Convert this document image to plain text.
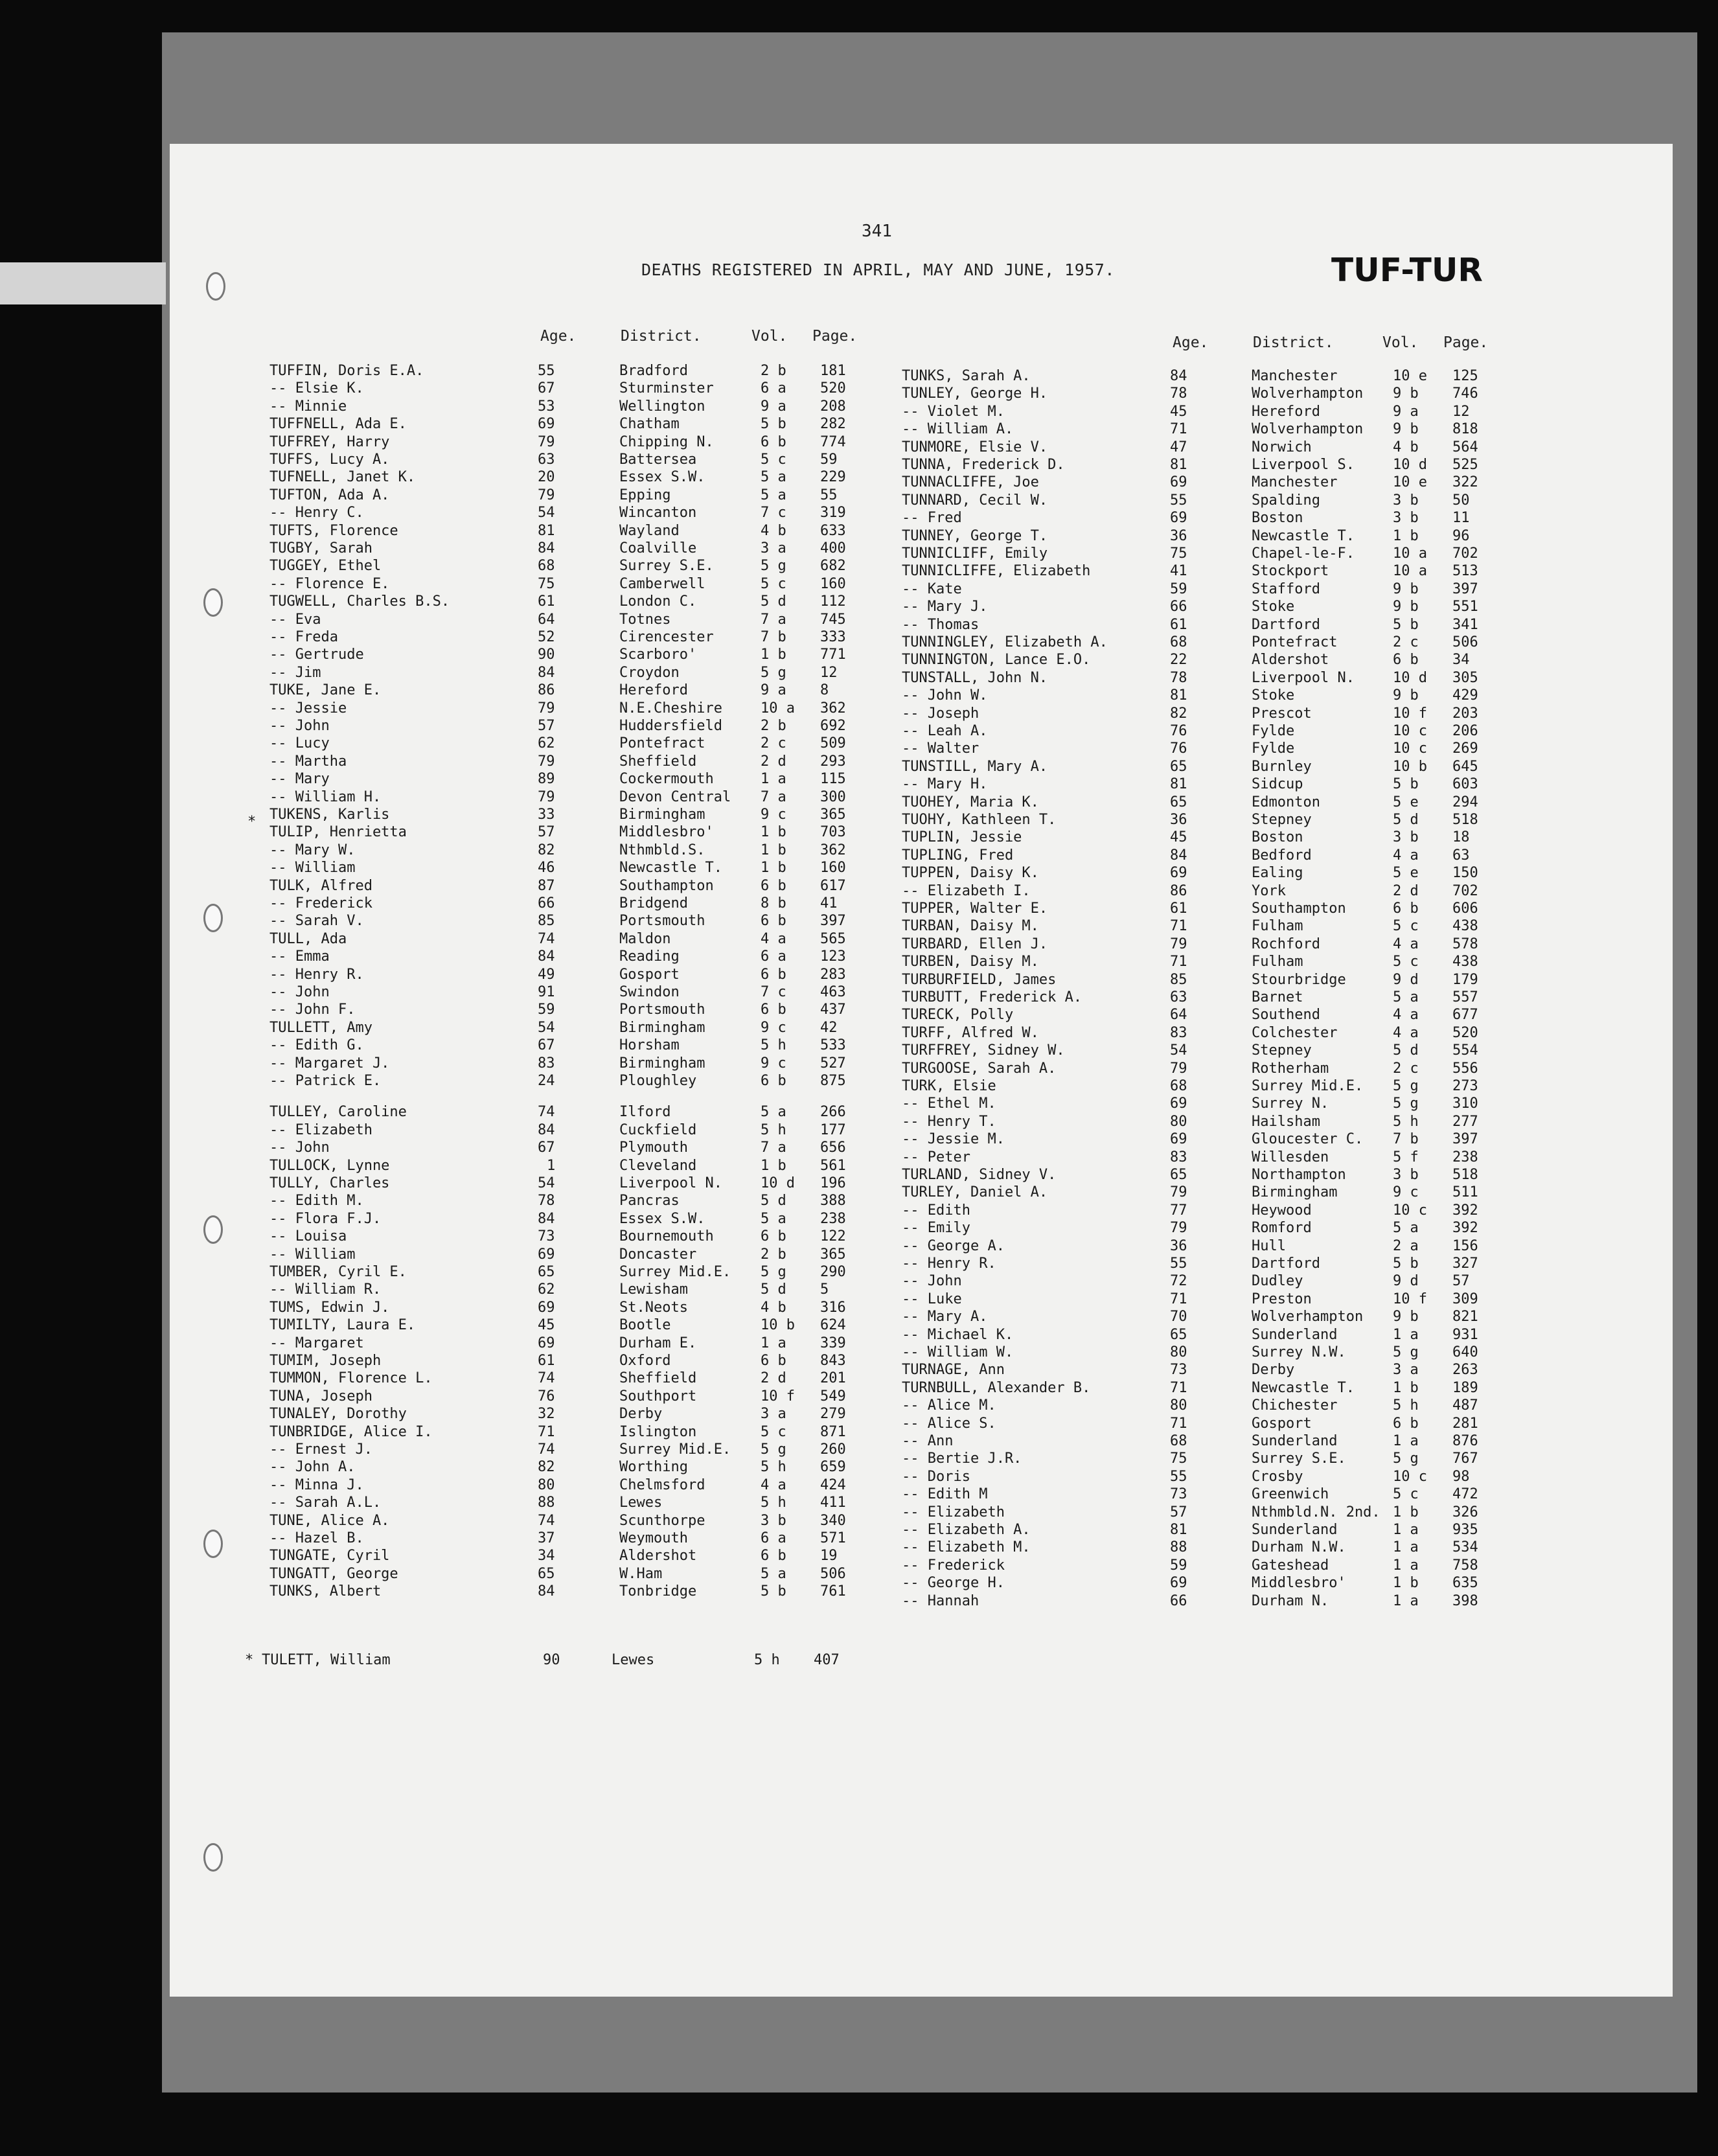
341
DEATHS REGISTERED IN APRIL, MAY AND JUNE, 1957.	TUF-TUR
Age.	District.	Vol. Page.	Age.	District.	Vol. Page.
TUFFIN, Doris E.A.	55	Bradford	2 b 181
-- Elsie K.	67	Sturminster	6 a 520
-- Minnie	53	Wellington	9 a 208
TUFFNELL, Ada E.	69	Chatham	5 b 282
TUFFREY, Harry	79	Chipping N.	6 b 774
TUFFS, Lucy A.	63	Battersea	5 c 59
TUFNELL, Janet K.	20	Essex S.W.	5 a 229
TUFTON, Ada A.	79	Epping	5 a 55
-- Henry C.	54	Wincanton	7 c 319
TUFTS, Florence	81	Wayland	4 b 633
TUGBY, Sarah	84	Coalville	3 a 400
TUGGEY, Ethel	68	Surrey S.E.	5 g 682
-- Florence E.	75	Camberwell	5 c 160
TUGWELL, Charles B.S.	61	London C.	5 d 112
-- Eva	64	Totnes	7 a 745
-- Freda	52	Cirencester	7 b 333
-- Gertrude	90	Scarboro'	1 b 771
-- Jim	84	Croydon	5 g 12
TUKE, Jane E.	86	Hereford	9 a 8
-- Jessie	79	N.E.Cheshire	10 a 362
-- John	57	Huddersfield	2 b 692
-- Lucy	62	Pontefract	2 c 509
-- Martha	79	Sheffield	2 d 293
-- Mary	89	Cockermouth	1 a 115
-- William H.	79	Devon Central 7 a 300
TUKENS, Karlis	33	Birmingham	9 c 365
TULIP, Henrietta	57	Middlesbro'	1 b 703
-- Mary W.	82	Nthmbld.S.	1 b 362
-- William	46	Newcastle T.	1 b 160
TULK, Alfred	87	Southampton	6 b 617
-- Frederick	66	Bridgend	8 b 41
-- Sarah V.	85	Portsmouth	6 b 397
TULL, Ada	74	Maldon	4 a 565
-- Emma	84	Reading	6 a 123
-- Henry R.	49	Gosport	6 b 283
-- John	91	Swindon	7 c 463
-- John F.	59	Portsmouth	6 b 437
TULLETT, Amy	54	Birmingham	9 c 42
-- Edith G.	67	Horsham	5 h 533
-- Margaret J.	83	Birmingham	9 c 527
-- Patrick E.	24	Ploughley	6 b 875
TULLEY, Caroline	74	Ilford	5 a 266
-- Elizabeth	84	Cuckfield	5 h 177
-- John	67	Plymouth	7 a 656
TULLOCK, Lynne	1	Cleveland	1 b 561
TULLY, Charles	54	Liverpool N.	10 d 196
-- Edith M.	78	Pancras	5 d 388
-- Flora F.J.	84	Essex S.W.	5 a 238
-- Louisa	73	Bournemouth	6 b 122
-- William	69	Doncaster	2 b 365
TUMBER, Cyril E.	65	Surrey Mid.E. 5 g 290
-- William R.	62	Lewisham	5 d 5
TUMS, Edwin J.	69	St.Neots	4 b 316
TUMILTY, Laura E.	45	Bootle	10 b 624
-- Margaret	69	Durham E.	1 a 339
TUMIM, Joseph	61	Oxford	6 b 843
TUMMON, Florence L.	74	Sheffield	2 d 201
TUNA, Joseph	76	Southport	10 f 549
TUNALEY, Dorothy	32	Derby	3 a 279
TUNBRIDGE, Alice I.	71	Islington	5 c 871
-- Ernest J.	74	Surrey Mid.E. 5 g 260
-- John A.	82	Worthing	5 h 659
-- Minna J.	80	Chelmsford	4 a 424
-- Sarah A.L.	88	Lewes	5 h 411
TUNE, Alice A.	74	Scunthorpe	3 b 340
-- Hazel B.	37	Weymouth	6 a 571
TUNGATE, Cyril	34	Aldershot	6 b 19
TUNGATT, George	65	W.Ham	5 a 506
TUNKS, Albert	84	Tonbridge	5 b 761
TUNKS, Sarah A.	84	Manchester	10 e 125
TUNLEY, George H.	78	Wolverhampton 9 b 746
-- Violet M.	45	Hereford	9 a 12
-- William A.	71	Wolverhampton 9 b 818
TUNMORE, Elsie V.	47	Norwich	4 b 564
TUNNA, Frederick D.	81	Liverpool S.	10 d 525
TUNNACLIFFE, Joe	69	Manchester	10 e 322
TUNNARD, Cecil W.	55	Spalding	3 b 50
-- Fred	69	Boston	3 b 11
TUNNEY, George T.	36	Newcastle T.	1 b 96
TUNNICLIFF, Emily	75	Chapel-le-F.	10 a 702
TUNNICLIFFE, Elizabeth	41	Stockport	10 a 513
-- Kate	59	Stafford	9 b 397
-- Mary J.	66	Stoke	9 b 551
-- Thomas	61	Dartford	5 b 341
TUNNINGLEY, Elizabeth A.	68	Pontefract	2 c 506
TUNNINGTON, Lance E.O.	22	Aldershot	6 b 34
TUNSTALL, John N.	78	Liverpool N.	10 d 305
-- John W.	81	Stoke	9 b 429
-- Joseph	82	Prescot	10 f 203
-- Leah A.	76	Fylde	10 c 206
-- Walter	76	Fylde	10 c 269
TUNSTILL, Mary A.	65	Burnley	10 b 645
-- Mary H.	81	Sidcup	5 b 603
TUOHEY, Maria K.	65	Edmonton	5 e 294
TUOHY, Kathleen T.	36	Stepney	5 d 518
TUPLIN, Jessie	45	Boston	3 b 18
TUPLING, Fred	84	Bedford	4 a 63
TUPPEN, Daisy K.	69	Ealing	5 e 150
-- Elizabeth I.	86	York	2 d 702
TUPPER, Walter E.	61	Southampton	6 b 606
TURBAN, Daisy M.	71	Fulham	5 c 438
TURBARD, Ellen J.	79	Rochford	4 a 578
TURBEN, Daisy M.	71	Fulham	5 c 438
TURBURFIELD, James	85	Stourbridge	9 d 179
TURBUTT, Frederick A.	63	Barnet	5 a 557
TURECK, Polly	64	Southend	4 a 677
TURFF, Alfred W.	83	Colchester	4 a 520
TURFFREY, Sidney W.	54	Stepney	5 d 554
TURGOOSE, Sarah A.	79	Rotherham	2 c 556
TURK, Elsie	68	Surrey Mid.E. 5 g 273
-- Ethel M.	69	Surrey N.	5 g 310
-- Henry T.	80	Hailsham	5 h 277
-- Jessie M.	69	Gloucester C. 7 b 397
-- Peter	83	Willesden	5 f 238
TURLAND, Sidney V.	65	Northampton	3 b 518
TURLEY, Daniel A.	79	Birmingham	9 c 511
-- Edith	77	Heywood	10 c 392
-- Emily	79	Romford	5 a 392
-- George A.	36	Hull	2 a 156
-- Henry R.	55	Dartford	5 b 327
-- John	72	Dudley	9 d 57
-- Luke	71	Preston	10 f 309
-- Mary A.	70	Wolverhampton 9 b 821
-- Michael K.	65	Sunderland	1 a 931
-- William W.	80	Surrey N.W.	5 g 640
TURNAGE, Ann	73	Derby	3 a 263
TURNBULL, Alexander B.	71	Newcastle T.	1 b 189
-- Alice M.	80	Chichester	5 h 487
-- Alice S.	71	Gosport	6 b 281
-- Ann	68	Sunderland	1 a 876
-- Bertie J.R.	75	Surrey S.E.	5 g 767
-- Doris	55	Crosby	10 c 98
-- Edith M	73	Greenwich	5 c 472
-- Elizabeth	57	Nthmbld.N. 2nd. 1 b 326
-- Elizabeth A.	81	Sunderland	1 a 935
-- Elizabeth M.	88	Durham N.W.	1 a 534
-- Frederick	59	Gateshead	1 a 758
-- George H.	69	Middlesbro'	1 b 635
-- Hannah	66	Durham N.	1 a 398
*
* TULETT, William	90	Lewes	5 h 407
